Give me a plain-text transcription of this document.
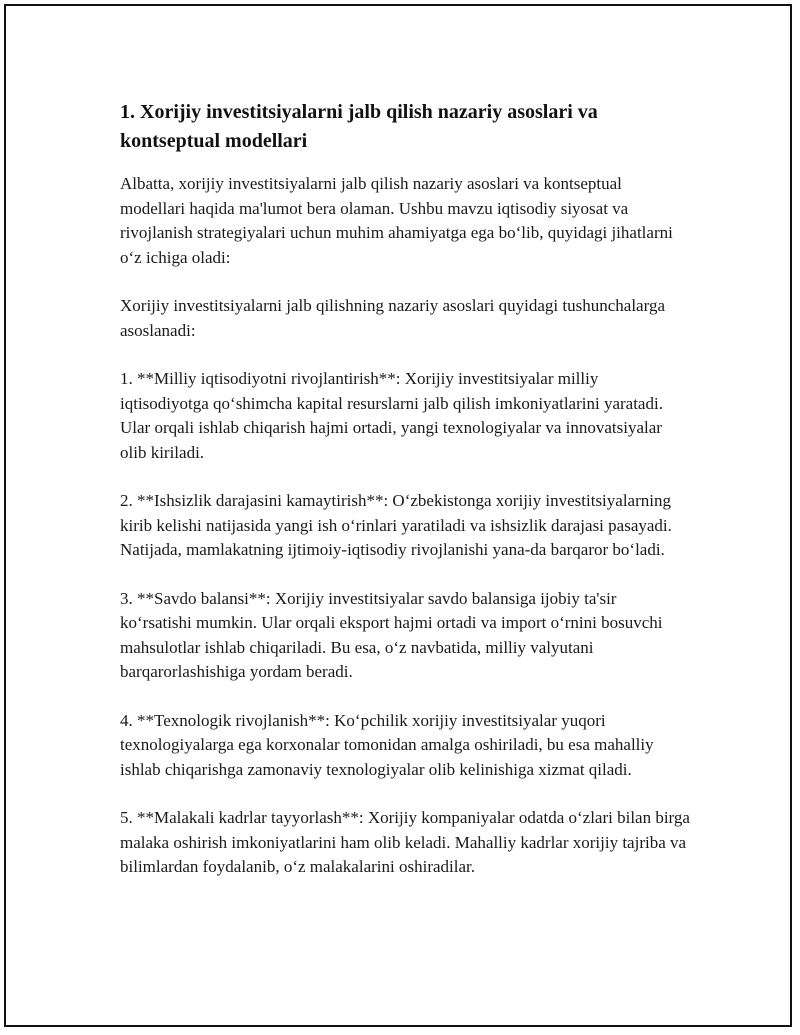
1. Xorijiy investitsiyalarni jalb qilish nazariy asoslari va kontseptual modellari

Albatta, xorijiy investitsiyalarni jalb qilish nazariy asoslari va kontseptual modellari haqida ma'lumot bera olaman. Ushbu mavzu iqtisodiy siyosat va rivojlanish strategiyalari uchun muhim ahamiyatga ega bo‘lib, quyidagi jihatlarni o‘z ichiga oladi:

Xorijiy investitsiyalarni jalb qilishning nazariy asoslari quyidagi tushunchalarga asoslanadi:

1. **Milliy iqtisodiyotni rivojlantirish**: Xorijiy investitsiyalar milliy iqtisodiyotga qo‘shimcha kapital resurslarni jalb qilish imkoniyatlarini yaratadi. Ular orqali ishlab chiqarish hajmi ortadi, yangi texnologiyalar va innovatsiyalar olib kiriladi.

2. **Ishsizlik darajasini kamaytirish**: O‘zbekistonga xorijiy investitsiyalarning kirib kelishi natijasida yangi ish o‘rinlari yaratiladi va ishsizlik darajasi pasayadi. Natijada, mamlakatning ijtimoiy-iqtisodiy rivojlanishi yana-da barqaror bo‘ladi.

3. **Savdo balansi**: Xorijiy investitsiyalar savdo balansiga ijobiy ta'sir ko‘rsatishi mumkin. Ular orqali eksport hajmi ortadi va import o‘rnini bosuvchi mahsulotlar ishlab chiqariladi. Bu esa, o‘z navbatida, milliy valyutani barqarorlashishiga yordam beradi.

4. **Texnologik rivojlanish**: Ko‘pchilik xorijiy investitsiyalar yuqori texnologiyalarga ega korxonalar tomonidan amalga oshiriladi, bu esa mahalliy ishlab chiqarishga zamonaviy texnologiyalar olib kelinishiga xizmat qiladi.

5. **Malakali kadrlar tayyorlash**: Xorijiy kompaniyalar odatda o‘zlari bilan birga malaka oshirish imkoniyatlarini ham olib keladi. Mahalliy kadrlar xorijiy tajriba va bilimlardan foydalanib, o‘z malakalarini oshiradilar.
